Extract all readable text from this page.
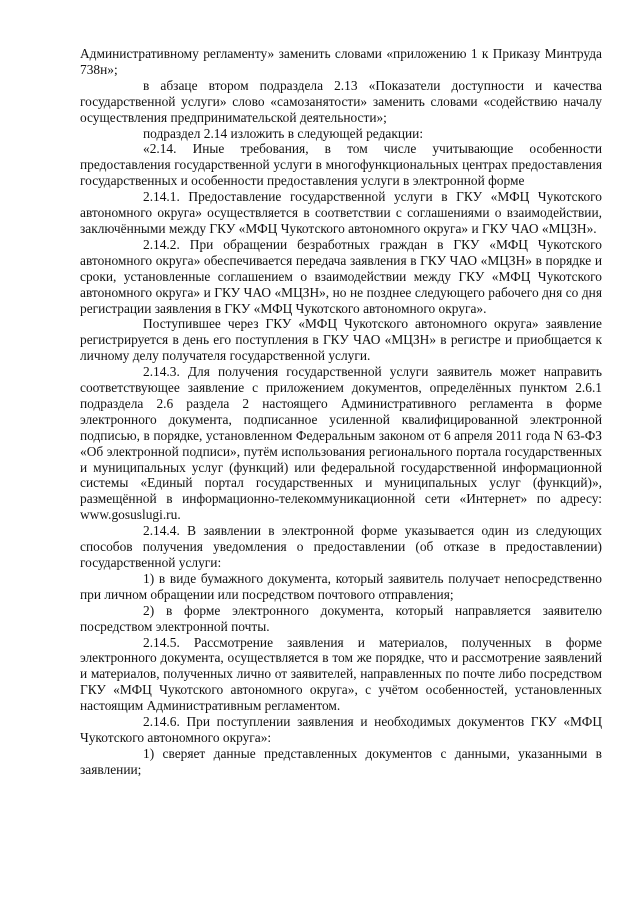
Административному регламенту» заменить словами «приложению 1 к Приказу Минтруда 738н»;

в абзаце втором подраздела 2.13 «Показатели доступности и качества государственной услуги» слово «самозанятости» заменить словами «содействию началу осуществления предпринимательской деятельности»;

подраздел 2.14 изложить в следующей редакции:

«2.14. Иные требования, в том числе учитывающие особенности предоставления государственной услуги в многофункциональных центрах предоставления государственных и особенности предоставления услуги в электронной форме

2.14.1. Предоставление государственной услуги в ГКУ «МФЦ Чукотского автономного округа» осуществляется в соответствии с соглашениями о взаимодействии, заключёнными между ГКУ «МФЦ Чукотского автономного округа» и ГКУ ЧАО «МЦЗН».

2.14.2. При обращении безработных граждан в ГКУ «МФЦ Чукотского автономного округа» обеспечивается передача заявления в ГКУ ЧАО «МЦЗН» в порядке и сроки, установленные соглашением о взаимодействии между ГКУ «МФЦ Чукотского автономного округа» и ГКУ ЧАО «МЦЗН», но не позднее следующего рабочего дня со дня регистрации заявления в ГКУ «МФЦ Чукотского автономного округа».

Поступившее через ГКУ «МФЦ Чукотского автономного округа» заявление регистрируется в день его поступления в ГКУ ЧАО «МЦЗН» в регистре и приобщается к личному делу получателя государственной услуги.

2.14.3. Для получения государственной услуги заявитель может направить соответствующее заявление с приложением документов, определённых пунктом 2.6.1 подраздела 2.6 раздела 2 настоящего Административного регламента в форме электронного документа, подписанное усиленной квалифицированной электронной подписью, в порядке, установленном Федеральным законом от 6 апреля 2011 года N 63-ФЗ «Об электронной подписи», путём использования регионального портала государственных и муниципальных услуг (функций) или федеральной государственной информационной системы «Единый портал государственных и муниципальных услуг (функций)», размещённой в информационно-телекоммуникационной сети «Интернет» по адресу: www.gosuslugi.ru.

2.14.4. В заявлении в электронной форме указывается один из следующих способов получения уведомления о предоставлении (об отказе в предоставлении) государственной услуги:

1) в виде бумажного документа, который заявитель получает непосредственно при личном обращении или посредством почтового отправления;

2) в форме электронного документа, который направляется заявителю посредством электронной почты.

2.14.5. Рассмотрение заявления и материалов, полученных в форме электронного документа, осуществляется в том же порядке, что и рассмотрение заявлений и материалов, полученных лично от заявителей, направленных по почте либо посредством ГКУ «МФЦ Чукотского автономного округа», с учётом особенностей, установленных настоящим Административным регламентом.

2.14.6. При поступлении заявления и необходимых документов ГКУ «МФЦ Чукотского автономного округа»:

1) сверяет данные представленных документов с данными, указанными в заявлении;
